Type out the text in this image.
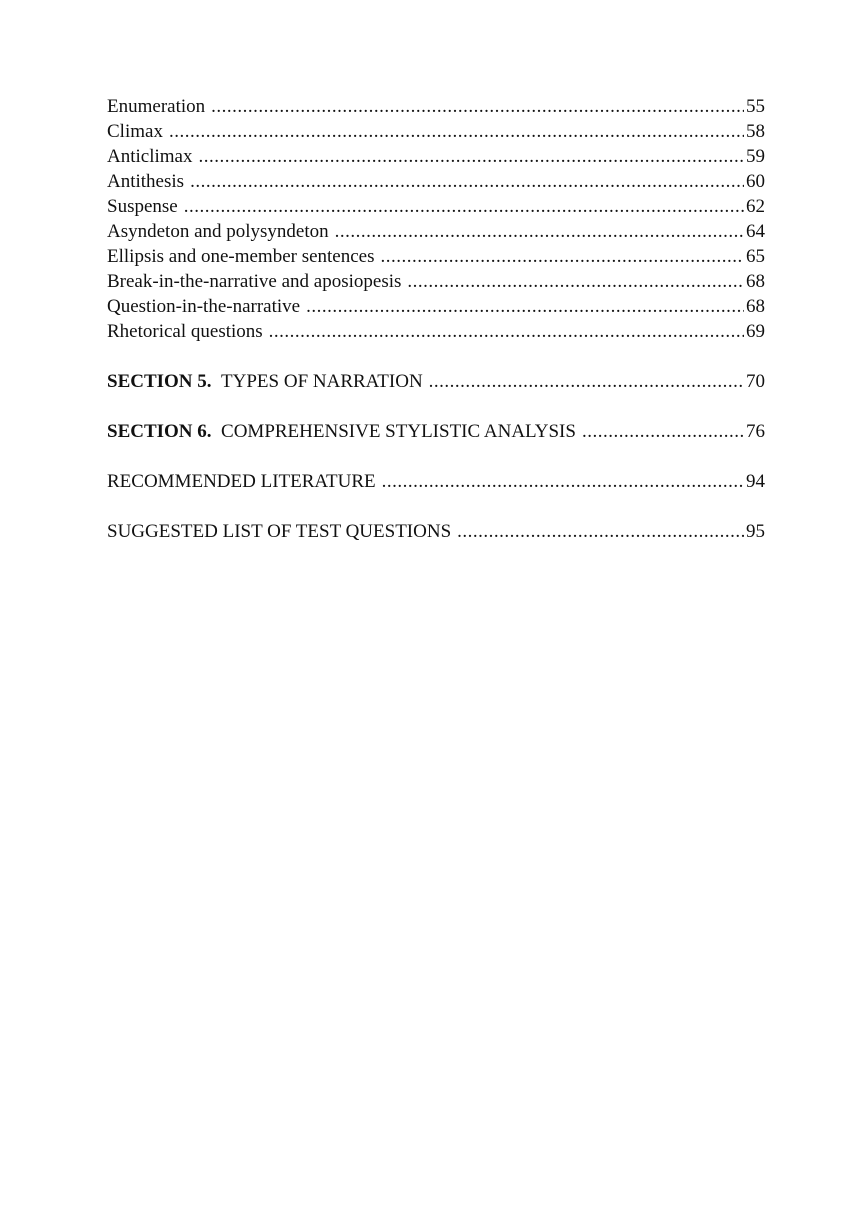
Enumeration .....	55
Climax .....	58
Anticlimax .....	59
Antithesis .....	60
Suspense .....	62
Asyndeton and polysyndeton .....	64
Ellipsis and one-member sentences .....	65
Break-in-the-narrative and aposiopesis .....	68
Question-in-the-narrative .....	68
Rhetorical questions .....	69
SECTION 5. TYPES OF NARRATION .....	70
SECTION 6. COMPREHENSIVE STYLISTIC ANALYSIS .....	76
RECOMMENDED LITERATURE .....	94
SUGGESTED LIST OF TEST QUESTIONS .....	95
